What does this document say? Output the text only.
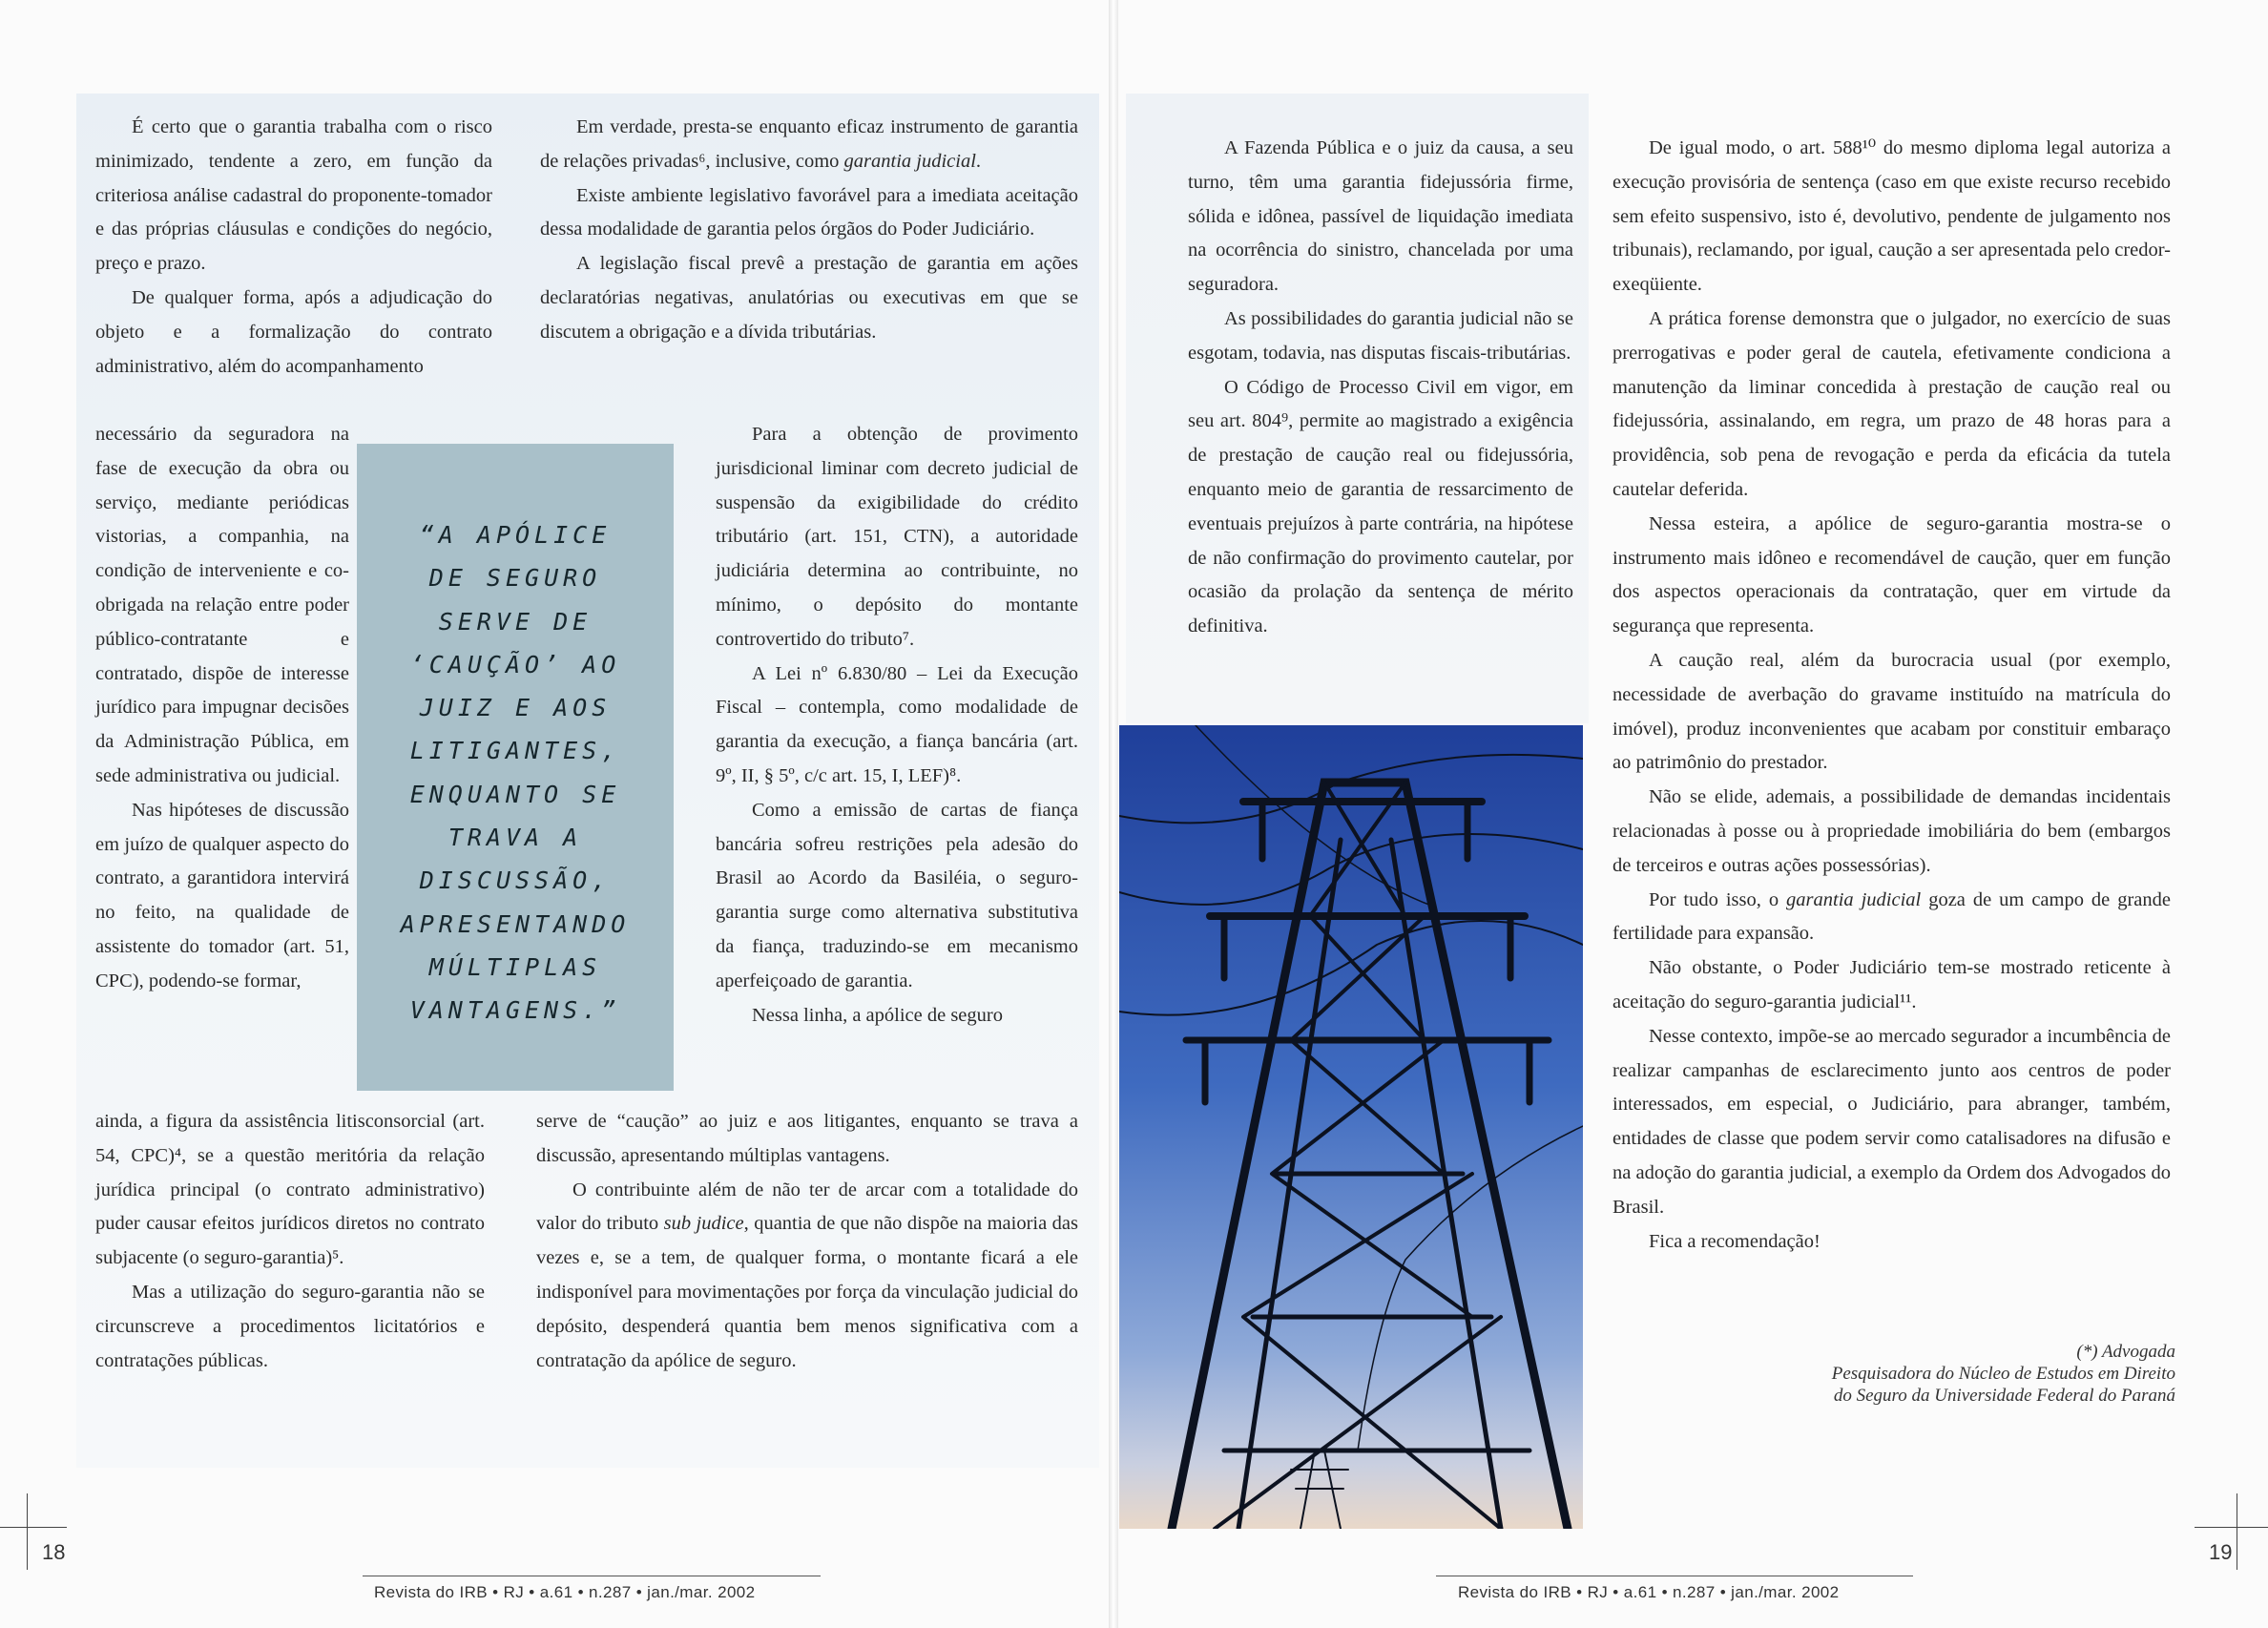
É certo que o garantia trabalha com o risco minimizado, tendente a zero, em função da criteriosa análise cadastral do proponente-tomador e das próprias cláusulas e condições do negócio, preço e prazo.

De qualquer forma, após a adjudicação do objeto e a formalização do contrato administrativo, além do acompanhamento

necessário da seguradora na fase de execução da obra ou serviço, mediante periódicas vistorias, a companhia, na condição de interveniente e co-obrigada na relação entre poder público-contratante e contratado, dispõe de interesse jurídico para impugnar decisões da Administração Pública, em sede administrativa ou judicial.

Nas hipóteses de discussão em juízo de qualquer aspecto do contrato, a garantidora intervirá no feito, na qualidade de assistente do tomador (art. 51, CPC), podendo-se formar,

ainda, a figura da assistência litisconsorcial (art. 54, CPC)⁴, se a questão meritória da relação jurídica principal (o contrato administrativo) puder causar efeitos jurídicos diretos no contrato subjacente (o seguro-garantia)⁵.

Mas a utilização do seguro-garantia não se circunscreve a procedimentos licitatórios e contratações públicas.

Em verdade, presta-se enquanto eficaz instrumento de garantia de relações privadas⁶, inclusive, como garantia judicial.

Existe ambiente legislativo favorável para a imediata aceitação dessa modalidade de garantia pelos órgãos do Poder Judiciário.

A legislação fiscal prevê a prestação de garantia em ações declaratórias negativas, anulatórias ou executivas em que se discutem a obrigação e a dívida tributárias.

Para a obtenção de provimento jurisdicional liminar com decreto judicial de suspensão da exigibilidade do crédito tributário (art. 151, CTN), a autoridade judiciária determina ao contribuinte, no mínimo, o depósito do montante controvertido do tributo⁷.

A Lei nº 6.830/80 – Lei da Execução Fiscal – contempla, como modalidade de garantia da execução, a fiança bancária (art. 9º, II, § 5º, c/c art. 15, I, LEF)⁸.

Como a emissão de cartas de fiança bancária sofreu restrições pela adesão do Brasil ao Acordo da Basiléia, o seguro-garantia surge como alternativa substitutiva da fiança, traduzindo-se em mecanismo aperfeiçoado de garantia.

Nessa linha, a apólice de seguro

serve de “caução” ao juiz e aos litigantes, enquanto se trava a discussão, apresentando múltiplas vantagens.

O contribuinte além de não ter de arcar com a totalidade do valor do tributo sub judice, quantia de que não dispõe na maioria das vezes e, se a tem, de qualquer forma, o montante ficará a ele indisponível para movimentações por força da vinculação judicial do depósito, despenderá quantia bem menos significativa com a contratação da apólice de seguro.

“A APÓLICE
DE SEGURO
SERVE DE
‘CAUÇÃO’ AO
JUIZ E AOS
LITIGANTES,
ENQUANTO SE
TRAVA A
DISCUSSÃO,
APRESENTANDO
MÚLTIPLAS
VANTAGENS.”

A Fazenda Pública e o juiz da causa, a seu turno, têm uma garantia fidejussória firme, sólida e idônea, passível de liquidação imediata na ocorrência do sinistro, chancelada por uma seguradora.

As possibilidades do garantia judicial não se esgotam, todavia, nas disputas fiscais-tributárias.

O Código de Processo Civil em vigor, em seu art. 804⁹, permite ao magistrado a exigência de prestação de caução real ou fidejussória, enquanto meio de garantia de ressarcimento de eventuais prejuízos à parte contrária, na hipótese de não confirmação do provimento cautelar, por ocasião da prolação da sentença de mérito definitiva.

De igual modo, o art. 588¹⁰ do mesmo diploma legal autoriza a execução provisória de sentença (caso em que existe recurso recebido sem efeito suspensivo, isto é, devolutivo, pendente de julgamento nos tribunais), reclamando, por igual, caução a ser apresentada pelo credor-exeqüiente.

A prática forense demonstra que o julgador, no exercício de suas prerrogativas e poder geral de cautela, efetivamente condiciona a manutenção da liminar concedida à prestação de caução real ou fidejussória, assinalando, em regra, um prazo de 48 horas para a providência, sob pena de revogação e perda da eficácia da tutela cautelar deferida.

Nessa esteira, a apólice de seguro-garantia mostra-se o instrumento mais idôneo e recomendável de caução, quer em função dos aspectos operacionais da contratação, quer em virtude da segurança que representa.

A caução real, além da burocracia usual (por exemplo, necessidade de averbação do gravame instituído na matrícula do imóvel), produz inconvenientes que acabam por constituir embaraço ao patrimônio do prestador.

Não se elide, ademais, a possibilidade de demandas incidentais relacionadas à posse ou à propriedade imobiliária do bem (embargos de terceiros e outras ações possessórias).

Por tudo isso, o garantia judicial goza de um campo de grande fertilidade para expansão.

Não obstante, o Poder Judiciário tem-se mostrado reticente à aceitação do seguro-garantia judicial¹¹.

Nesse contexto, impõe-se ao mercado segurador a incumbência de realizar campanhas de esclarecimento junto aos centros de poder interessados, em especial, o Judiciário, para abranger, também, entidades de classe que podem servir como catalisadores na difusão e na adoção do garantia judicial, a exemplo da Ordem dos Advogados do Brasil.

Fica a recomendação!

(*) Advogada
Pesquisadora do Núcleo de Estudos em Direito
do Seguro da Universidade Federal do Paraná
Revista do IRB • RJ • a.61 • n.287 • jan./mar. 2002	Revista do IRB • RJ • a.61 • n.287 • jan./mar. 2002
18	19
